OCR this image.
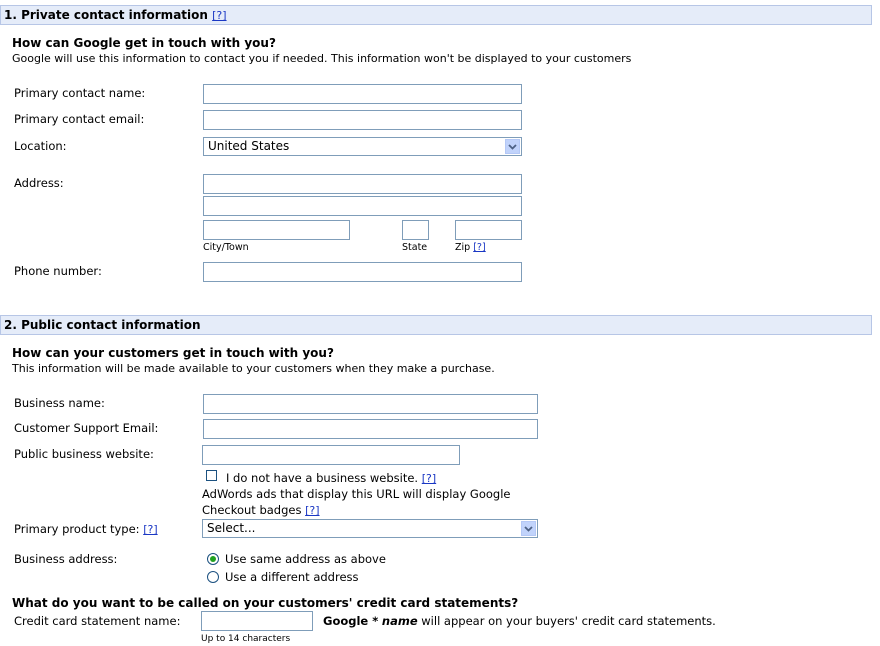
1. Private contact information [?]
How can Google get in touch with you?
Google will use this information to contact you if needed. This information won't be displayed to your customers
Primary contact name:
Primary contact email:
Location:	United States
Address:
City/Town	State	Zip [?]
Phone number:
2. Public contact information
How can your customers get in touch with you?
This information will be made available to your customers when they make a purchase.
Business name:
Customer Support Email:
Public business website:
I do not have a business website. [?]
AdWords ads that display this URL will display Google
Checkout badges [?]
Primary product type: [?]	Select...
Business address:	Use same address as above
Use a different address
What do you want to be called on your customers' credit card statements?
Credit card statement name:	Google * name will appear on your buyers' credit card statements.
Up to 14 characters
